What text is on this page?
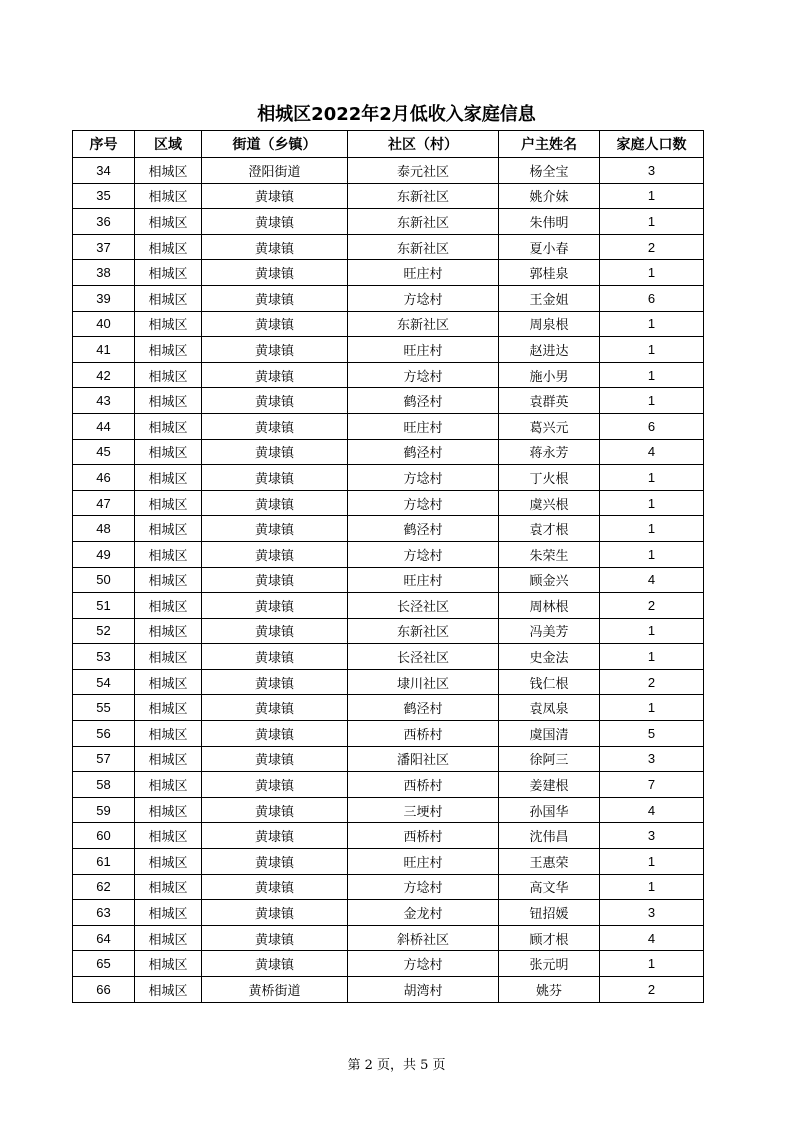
相城区2022年2月低收入家庭信息
序号	区域	街道（乡镇）	社区（村）	户主姓名	家庭人口数
34	相城区	澄阳街道	泰元社区	杨全宝	3
35	相城区	黄埭镇	东新社区	姚介妹	1
36	相城区	黄埭镇	东新社区	朱伟明	1
37	相城区	黄埭镇	东新社区	夏小春	2
38	相城区	黄埭镇	旺庄村	郭桂泉	1
39	相城区	黄埭镇	方埝村	王金姐	6
40	相城区	黄埭镇	东新社区	周泉根	1
41	相城区	黄埭镇	旺庄村	赵进达	1
42	相城区	黄埭镇	方埝村	施小男	1
43	相城区	黄埭镇	鹤泾村	袁群英	1
44	相城区	黄埭镇	旺庄村	葛兴元	6
45	相城区	黄埭镇	鹤泾村	蒋永芳	4
46	相城区	黄埭镇	方埝村	丁火根	1
47	相城区	黄埭镇	方埝村	虞兴根	1
48	相城区	黄埭镇	鹤泾村	袁才根	1
49	相城区	黄埭镇	方埝村	朱荣生	1
50	相城区	黄埭镇	旺庄村	顾金兴	4
51	相城区	黄埭镇	长泾社区	周林根	2
52	相城区	黄埭镇	东新社区	冯美芳	1
53	相城区	黄埭镇	长泾社区	史金法	1
54	相城区	黄埭镇	埭川社区	钱仁根	2
55	相城区	黄埭镇	鹤泾村	袁凤泉	1
56	相城区	黄埭镇	西桥村	虞国清	5
57	相城区	黄埭镇	潘阳社区	徐阿三	3
58	相城区	黄埭镇	西桥村	姜建根	7
59	相城区	黄埭镇	三埂村	孙国华	4
60	相城区	黄埭镇	西桥村	沈伟昌	3
61	相城区	黄埭镇	旺庄村	王惠荣	1
62	相城区	黄埭镇	方埝村	高文华	1
63	相城区	黄埭镇	金龙村	钮招媛	3
64	相城区	黄埭镇	斜桥社区	顾才根	4
65	相城区	黄埭镇	方埝村	张元明	1
66	相城区	黄桥街道	胡湾村	姚芬	2
第 2 页，共 5 页
